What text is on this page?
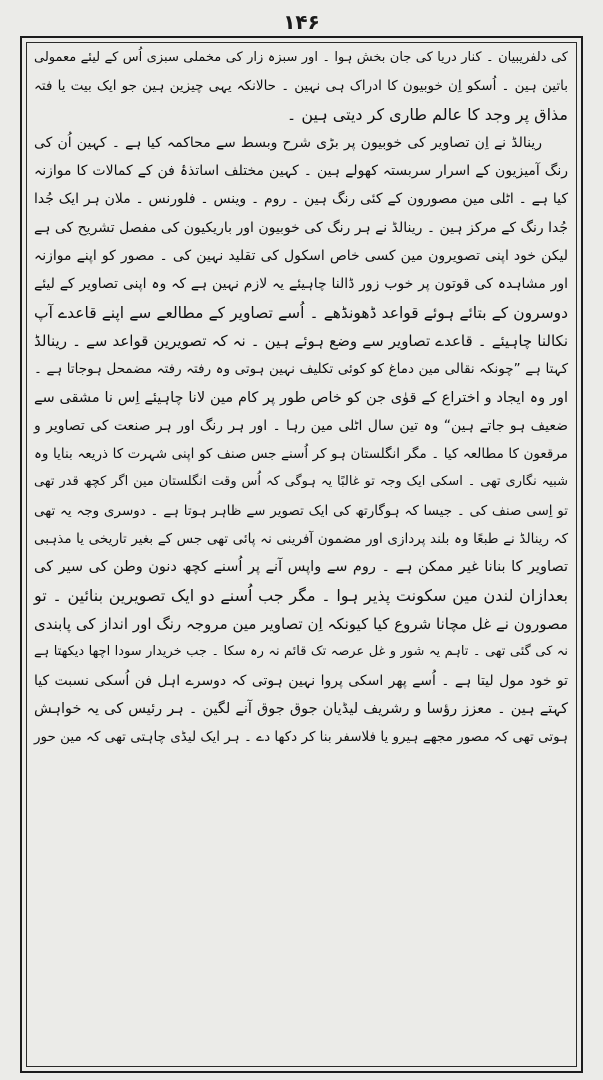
۱۴۶
کی دلفریبیان ۔ کنار دریا کی جان بخش ہوا ۔ اور سبزہ زار کی مخملی سبزی اُس کے لیئے معمولی
باتین ہین ۔ اُسکو اِن خوبیون کا ادراک ہی نہین ۔ حالانکہ یہی چیزین ہین جو ایک بیت یا فتہ
مذاق پر وجد کا عالم طاری کر دیتی ہین ۔
رینالڈ نے اِن تصاویر کی خوبیون پر بڑی شرح وبسط سے محاکمہ کیا ہے ۔ کہین اُن کی
رنگ آمیزیون کے اسرار سربستہ کھولے ہین ۔ کہین مختلف اساتذۂ فن کے کمالات کا موازنہ
کیا ہے ۔ اٹلی مین مصورون کے کئی رنگ ہین ۔ روم ۔ وینس ۔ فلورنس ۔ ملان ہر ایک جُدا
جُدا رنگ کے مرکز ہین ۔ رینالڈ نے ہر رنگ کی خوبیون اور باریکیون کی مفصل تشریح کی ہے
لیکن خود اپنی تصویرون مین کسی خاص اسکول کی تقلید نہین کی ۔ مصور کو اپنے موازنہ
اور مشاہدہ کی قوتون پر خوب زور ڈالنا چاہیئے یہ لازم نہین ہے کہ وہ اپنی تصاویر کے لیئے
دوسرون کے بتائے ہوئے قواعد ڈھونڈھے ۔ اُسے تصاویر کے مطالعے سے اپنے قاعدے آپ
نکالنا چاہیئے ۔ قاعدے تصاویر سے وضع ہوئے ہین ۔ نہ کہ تصویرین قواعد سے ۔ رینالڈ
کہتا ہے ”چونکہ نقالی مین دماغ کو کوئی تکلیف نہین ہوتی وہ رفتہ رفتہ مضمحل ہوجاتا ہے ۔
اور وہ ایجاد و اختراع کے قوٰی جن کو خاص طور پر کام مین لانا چاہیئے اِس نا مشقی سے
ضعیف ہو جاتے ہین“ وہ تین سال اٹلی مین رہا ۔ اور ہر رنگ اور ہر صنعت کی تصاویر و
مرقعون کا مطالعہ کیا ۔ مگر انگلستان ہو کر اُسنے جس صنف کو اپنی شہرت کا ذریعہ بنایا وہ
شبیہ نگاری تھی ۔ اسکی ایک وجہ تو غالبًا یہ ہوگی کہ اُس وقت انگلستان مین اگر کچھ قدر تھی
تو اِسی صنف کی ۔ جیسا کہ ہوگارتھ کی ایک تصویر سے ظاہر ہوتا ہے ۔ دوسری وجہ یہ تھی
کہ رینالڈ نے طبعًا وہ بلند پردازی اور مضمون آفرینی نہ پائی تھی جس کے بغیر تاریخی یا مذہبی
تصاویر کا بنانا غیر ممکن ہے ۔ روم سے واپس آنے پر اُسنے کچھ دنون وطن کی سیر کی
بعدازان لندن مین سکونت پذیر ہوا ۔ مگر جب اُسنے دو ایک تصویرین بنائین ۔ تو
مصورون نے غل مچانا شروع کیا کیونکہ اِن تصاویر مین مروجہ رنگ اور انداز کی پابندی
نہ کی گئی تھی ۔ تاہم یہ شور و غل عرصہ تک قائم نہ رہ سکا ۔ جب خریدار سودا اچھا دیکھتا ہے
تو خود مول لیتا ہے ۔ اُسے پھر اسکی پروا نہین ہوتی کہ دوسرے اہل فن اُسکی نسبت کیا
کہتے ہین ۔ معزز رؤسا و رشریف لیڈیان جوق جوق آنے لگین ۔ ہر رئیس کی یہ خواہش
ہوتی تھی کہ مصور مجھے ہیرو یا فلاسفر بنا کر دکھا دے ۔ ہر ایک لیڈی چاہتی تھی کہ مین حور
